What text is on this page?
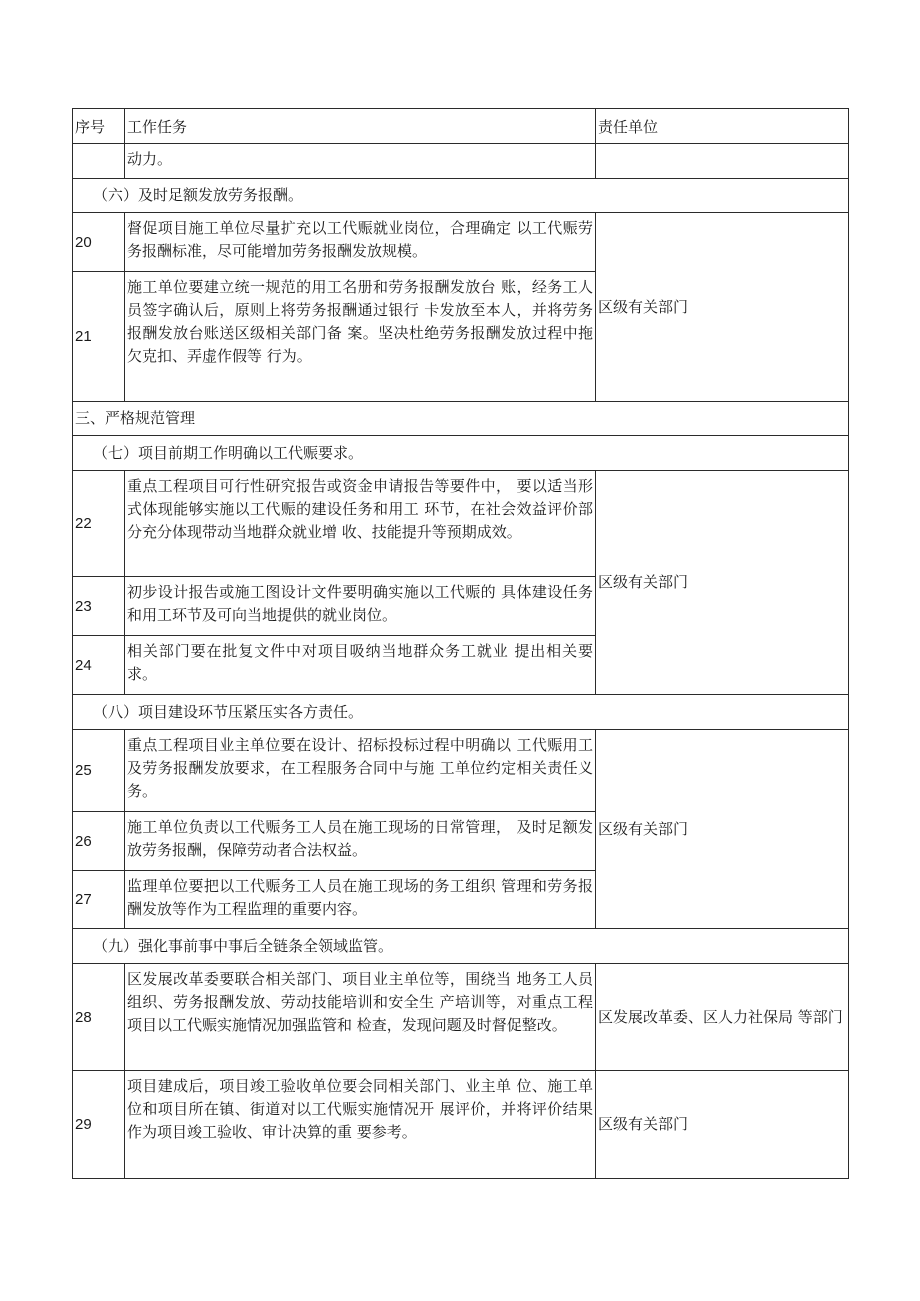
序号	工作任务	责任单位
	动力。	
（六）及时足额发放劳务报酬。		
20	督促项目施工单位尽量扩充以工代赈就业岗位，合理确定 以工代赈劳务报酬标准，尽可能增加劳务报酬发放规模。	区级有关部门
21	施工单位要建立统一规范的用工名册和劳务报酬发放台 账，经务工人员签字确认后，原则上将劳务报酬通过银行 卡发放至本人，并将劳务报酬发放台账送区级相关部门备 案。坚决杜绝劳务报酬发放过程中拖欠克扣、弄虚作假等 行为。	
三、严格规范管理		
（七）项目前期工作明确以工代赈要求。		
22	重点工程项目可行性研究报告或资金申请报告等要件中， 要以适当形式体现能够实施以工代赈的建设任务和用工 环节，在社会效益评价部分充分体现带动当地群众就业增 收、技能提升等预期成效。	区级有关部门
23	初步设计报告或施工图设计文件要明确实施以工代赈的 具体建设任务和用工环节及可向当地提供的就业岗位。	
24	相关部门要在批复文件中对项目吸纳当地群众务工就业 提出相关要求。	
（八）项目建设环节压紧压实各方责任。		
25	重点工程项目业主单位要在设计、招标投标过程中明确以 工代赈用工及劳务报酬发放要求，在工程服务合同中与施 工单位约定相关责任义务。	区级有关部门
26	施工单位负责以工代赈务工人员在施工现场的日常管理， 及时足额发放劳务报酬，保障劳动者合法权益。	
27	监理单位要把以工代赈务工人员在施工现场的务工组织 管理和劳务报酬发放等作为工程监理的重要内容。	
（九）强化事前事中事后全链条全领域监管。		
28	区发展改革委要联合相关部门、项目业主单位等，围绕当 地务工人员组织、劳务报酬发放、劳动技能培训和安全生 产培训等，对重点工程项目以工代赈实施情况加强监管和 检查，发现问题及时督促整改。	区发展改革委、区人力社保局 等部门
29	项目建成后，项目竣工验收单位要会同相关部门、业主单 位、施工单位和项目所在镇、街道对以工代赈实施情况开 展评价，并将评价结果作为项目竣工验收、审计决算的重 要参考。	区级有关部门
